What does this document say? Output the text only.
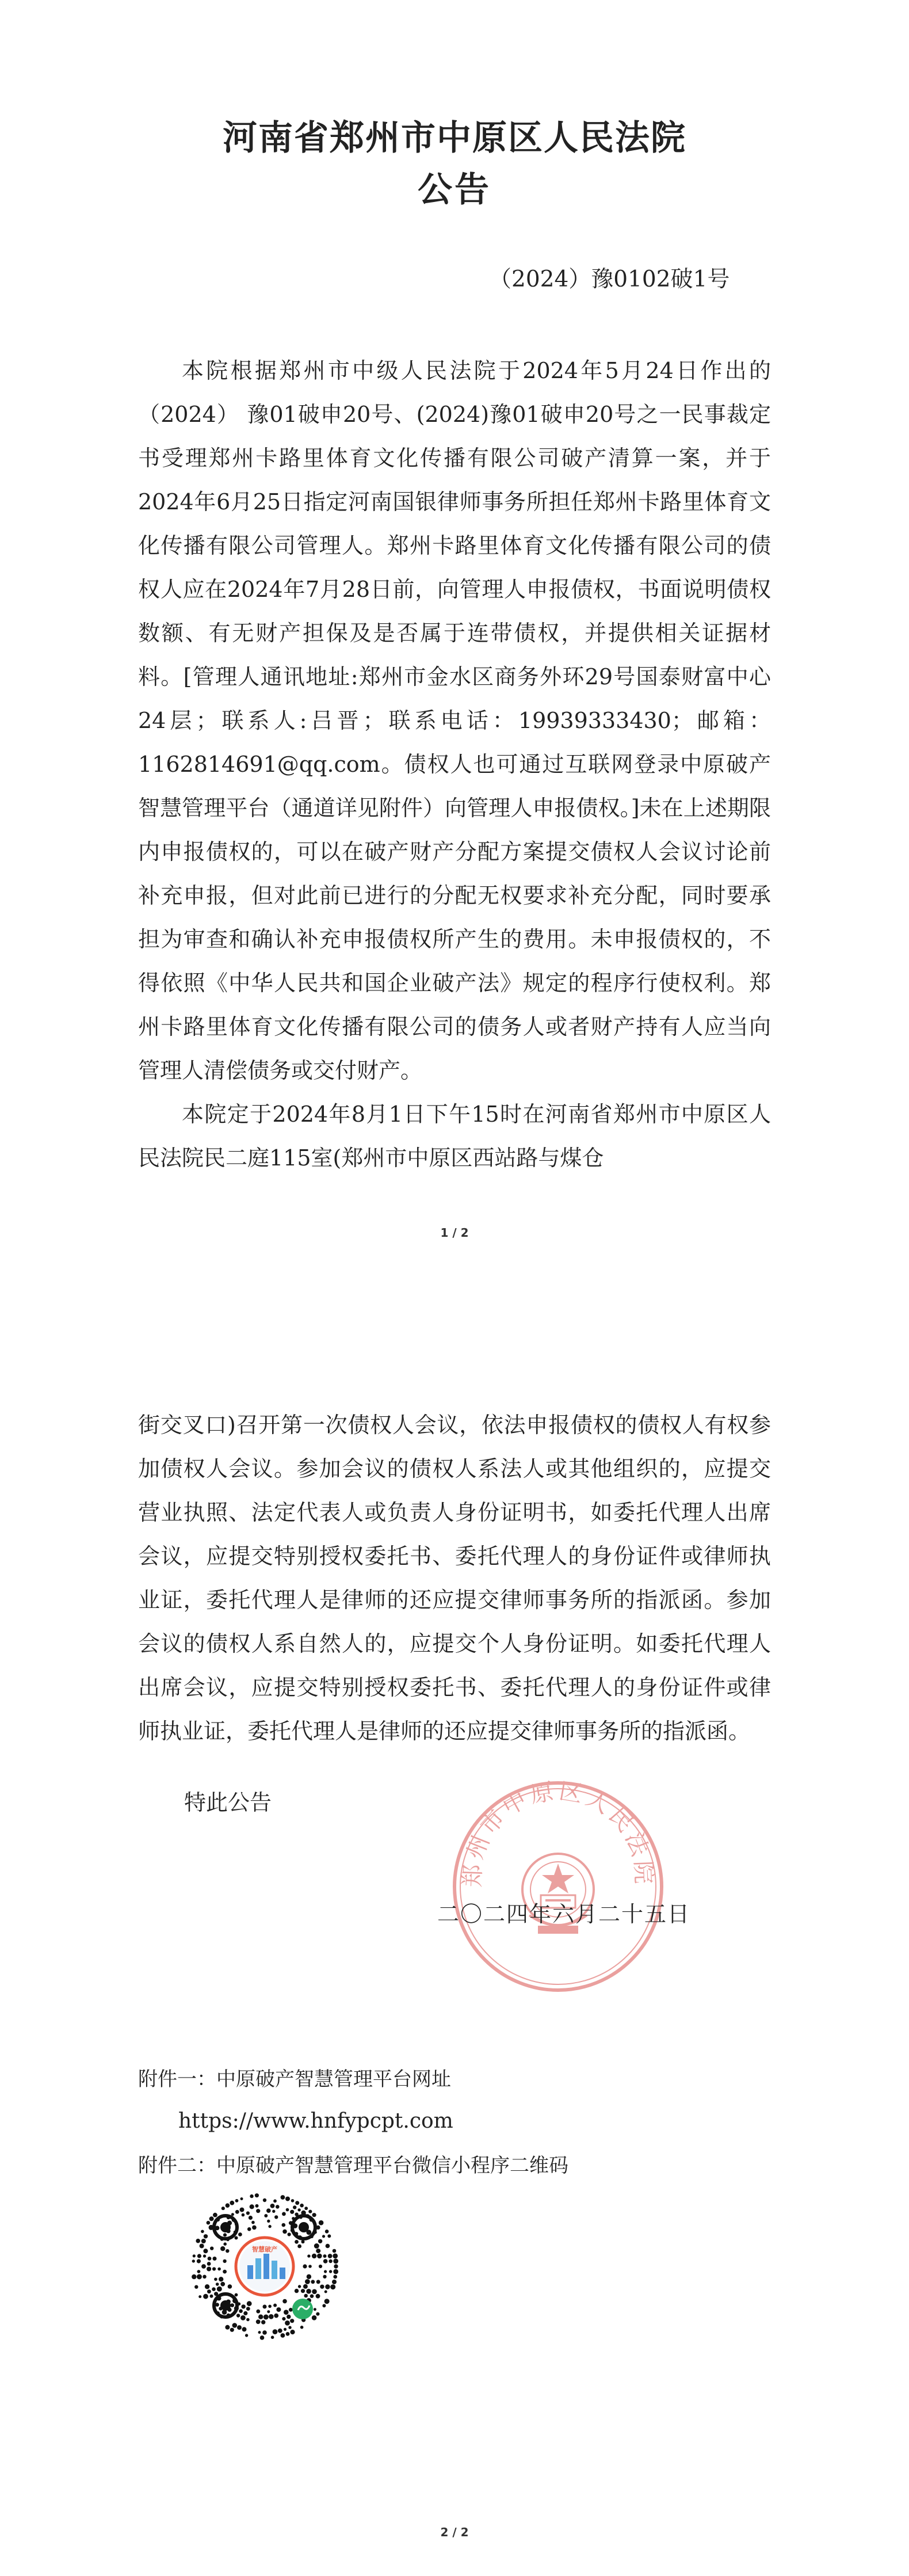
河南省郑州市中原区人民法院
公告
（2024）豫0102破1号

本院根据郑州市中级人民法院于2024年5月24日作出的（2024） 豫01破申20号、(2024)豫01破申20号之一民事裁定书受理郑州卡路里体育文化传播有限公司破产清算一案，并于2024年6月25日指定河南国银律师事务所担任郑州卡路里体育文化传播有限公司管理人。郑州卡路里体育文化传播有限公司的债权人应在2024年7月28日前，向管理人申报债权，书面说明债权数额、有无财产担保及是否属于连带债权，并提供相关证据材料。[管理人通讯地址:郑州市金水区商务外环29号国泰财富中心24层；联系人:吕晋；联系电话：19939333430；邮箱：1162814691@qq.com。债权人也可通过互联网登录中原破产智慧管理平台（通道详见附件）向管理人申报债权。]未在上述期限内申报债权的，可以在破产财产分配方案提交债权人会议讨论前补充申报，但对此前已进行的分配无权要求补充分配，同时要承担为审查和确认补充申报债权所产生的费用。未申报债权的，不得依照《中华人民共和国企业破产法》规定的程序行使权利。郑州卡路里体育文化传播有限公司的债务人或者财产持有人应当向管理人清偿债务或交付财产。

本院定于2024年8月1日下午15时在河南省郑州市中原区人民法院民二庭115室(郑州市中原区西站路与煤仓

1 / 2

街交叉口)召开第一次债权人会议，依法申报债权的债权人有权参加债权人会议。参加会议的债权人系法人或其他组织的，应提交营业执照、法定代表人或负责人身份证明书，如委托代理人出席会议，应提交特别授权委托书、委托代理人的身份证件或律师执业证，委托代理人是律师的还应提交律师事务所的指派函。参加会议的债权人系自然人的，应提交个人身份证明。如委托代理人出席会议，应提交特别授权委托书、委托代理人的身份证件或律师执业证，委托代理人是律师的还应提交律师事务所的指派函。

特此公告
郑州市中原区人民法院
二〇二四年六月二十五日
附件一：中原破产智慧管理平台网址
https://www.hnfypcpt.com
附件二：中原破产智慧管理平台微信小程序二维码
智慧破产
2 / 2
